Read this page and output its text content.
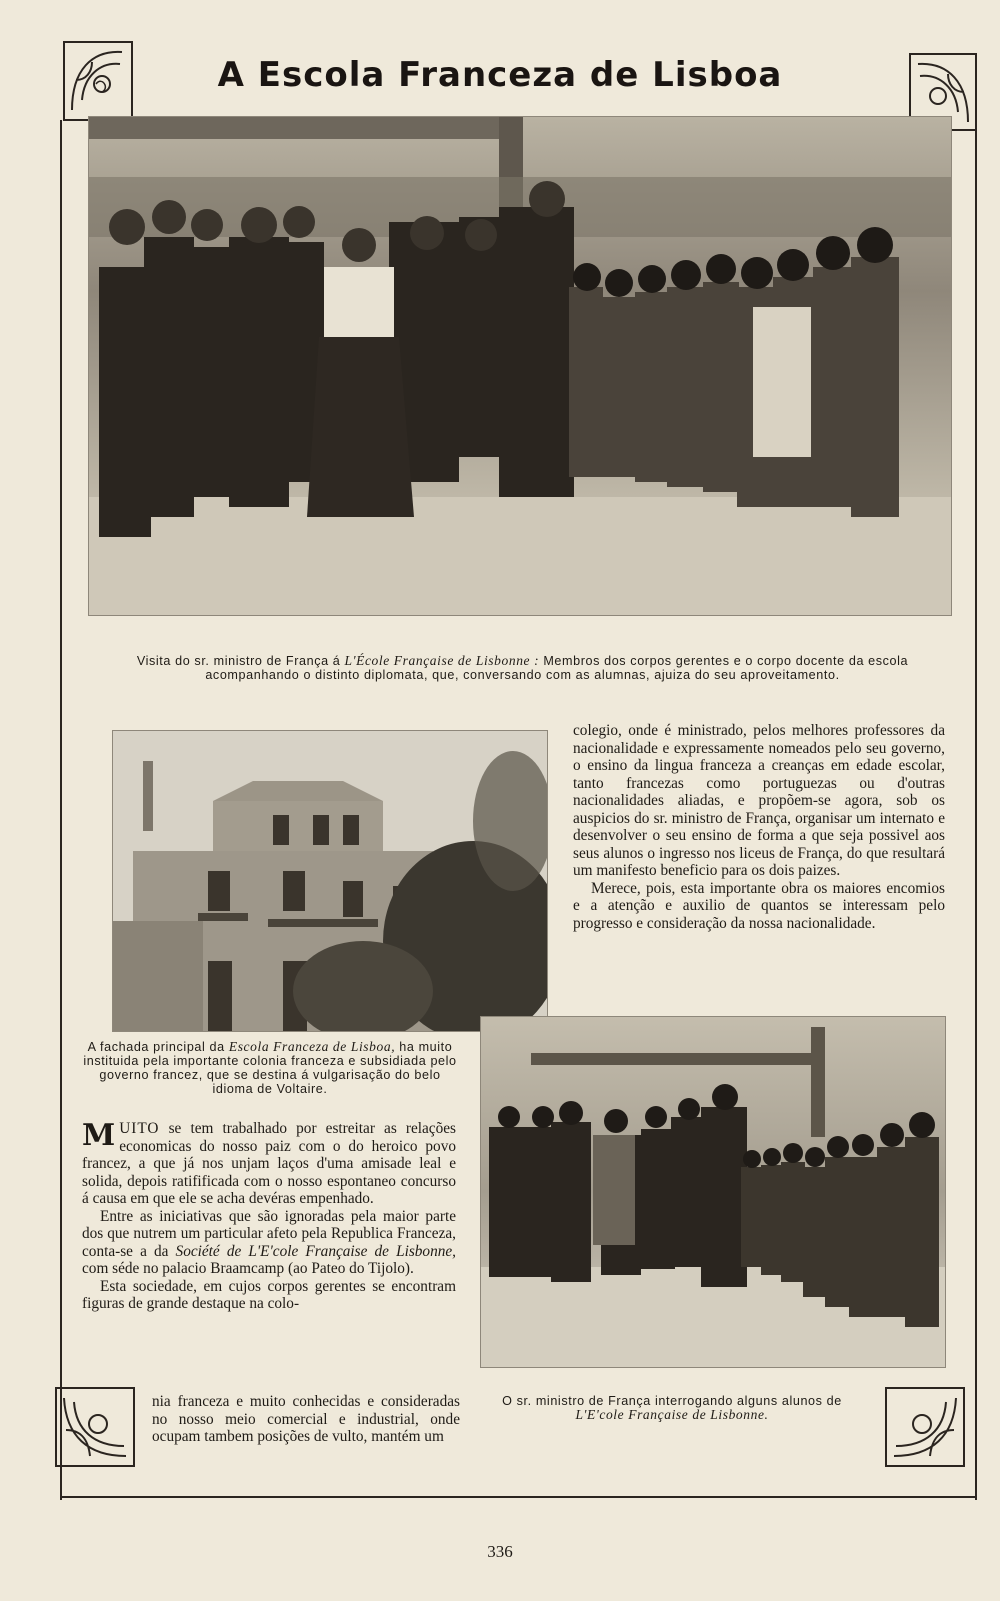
A Escola Franceza de Lisboa
Visita do sr. ministro de França á L'École Française de Lisbonne : Membros dos corpos gerentes e o corpo docente da escola acompanhando o distinto diplomata, que, conversando com as alumnas, ajuiza do seu aproveitamento.
A fachada principal da Escola Franceza de Lisboa, ha muito instituida pela importante colonia franceza e subsidiada pelo governo francez, que se destina á vulgarisação do belo idioma de Voltaire.

colegio, onde é ministrado, pelos melhores professores da nacionalidade e expressamente nomeados pelo seu governo, o ensino da lingua franceza a creanças em edade escolar, tanto francezas como portuguezas ou d'outras nacionalidades aliadas, e propõem-se agora, sob os auspicios do sr. ministro de França, organisar um internato e desenvolver o seu ensino de forma a que seja possivel aos seus alunos o ingresso nos liceus de França, do que resultará um manifesto beneficio para os dois paizes.

Merece, pois, esta importante obra os maiores encomios e a atenção e auxilio de quantos se interessam pelo progresso e consideração da nossa nacionalidade.

O sr. ministro de França interrogando alguns alunos de L'E'cole Française de Lisbonne.

MUITO se tem trabalhado por estreitar as relações economicas do nosso paiz com o do heroico povo francez, a que já nos unjam laços d'uma amisade leal e solida, depois ratifificada com o nosso espontaneo concurso á causa em que ele se acha devéras empenhado.

Entre as iniciativas que são ignoradas pela maior parte dos que nutrem um particular afeto pela Republica Franceza, conta-se a da Société de L'E'cole Française de Lisbonne, com séde no palacio Braamcamp (ao Pateo do Tijolo).

Esta sociedade, em cujos corpos gerentes se encontram figuras de grande destaque na colo-

nia franceza e muito conhecidas e consideradas no nosso meio comercial e industrial, onde ocupam tambem posições de vulto, mantém um
336
